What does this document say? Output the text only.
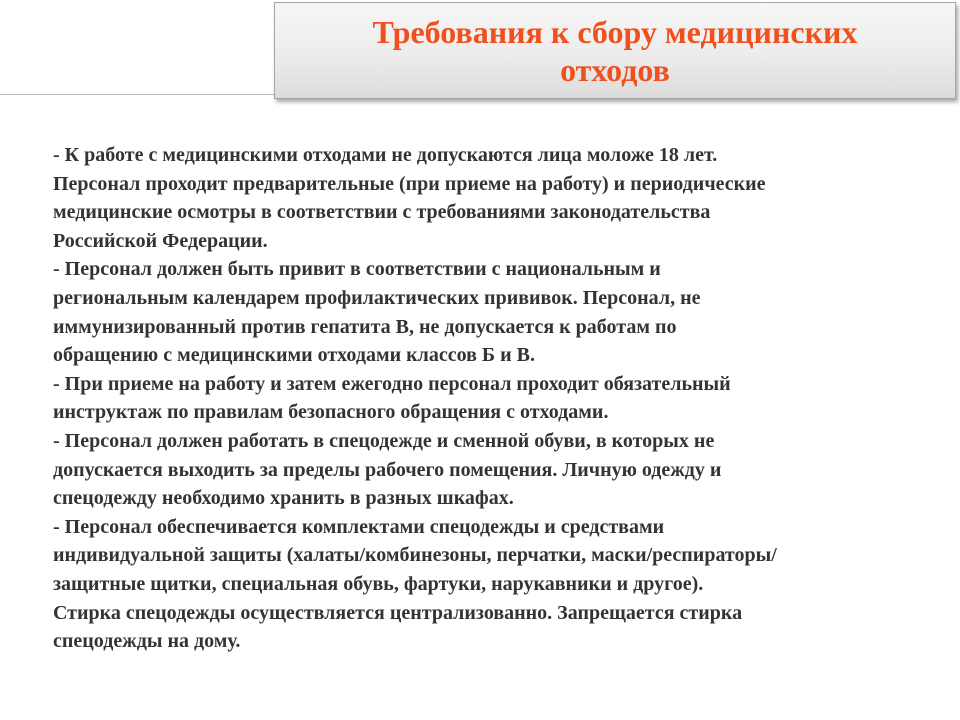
Требования к сбору медицинских
отходов
- К работе с медицинскими отходами не допускаются лица моложе 18 лет.
Персонал проходит предварительные (при приеме на работу) и периодические
медицинские осмотры в соответствии с требованиями законодательства
Российской Федерации.
- Персонал должен быть привит в соответствии с национальным и
региональным календарем профилактических прививок. Персонал, не
иммунизированный против гепатита В, не допускается к работам по
обращению с медицинскими отходами классов Б и В.
- При приеме на работу и затем ежегодно персонал проходит обязательный
инструктаж по правилам безопасного обращения с отходами.
- Персонал должен работать в спецодежде и сменной обуви, в которых не
допускается выходить за пределы рабочего помещения. Личную одежду и
спецодежду необходимо хранить в разных шкафах.
- Персонал обеспечивается комплектами спецодежды и средствами
индивидуальной защиты (халаты/комбинезоны, перчатки, маски/респираторы/
защитные щитки, специальная обувь, фартуки, нарукавники и другое).
Стирка спецодежды осуществляется централизованно. Запрещается стирка
спецодежды на дому.
